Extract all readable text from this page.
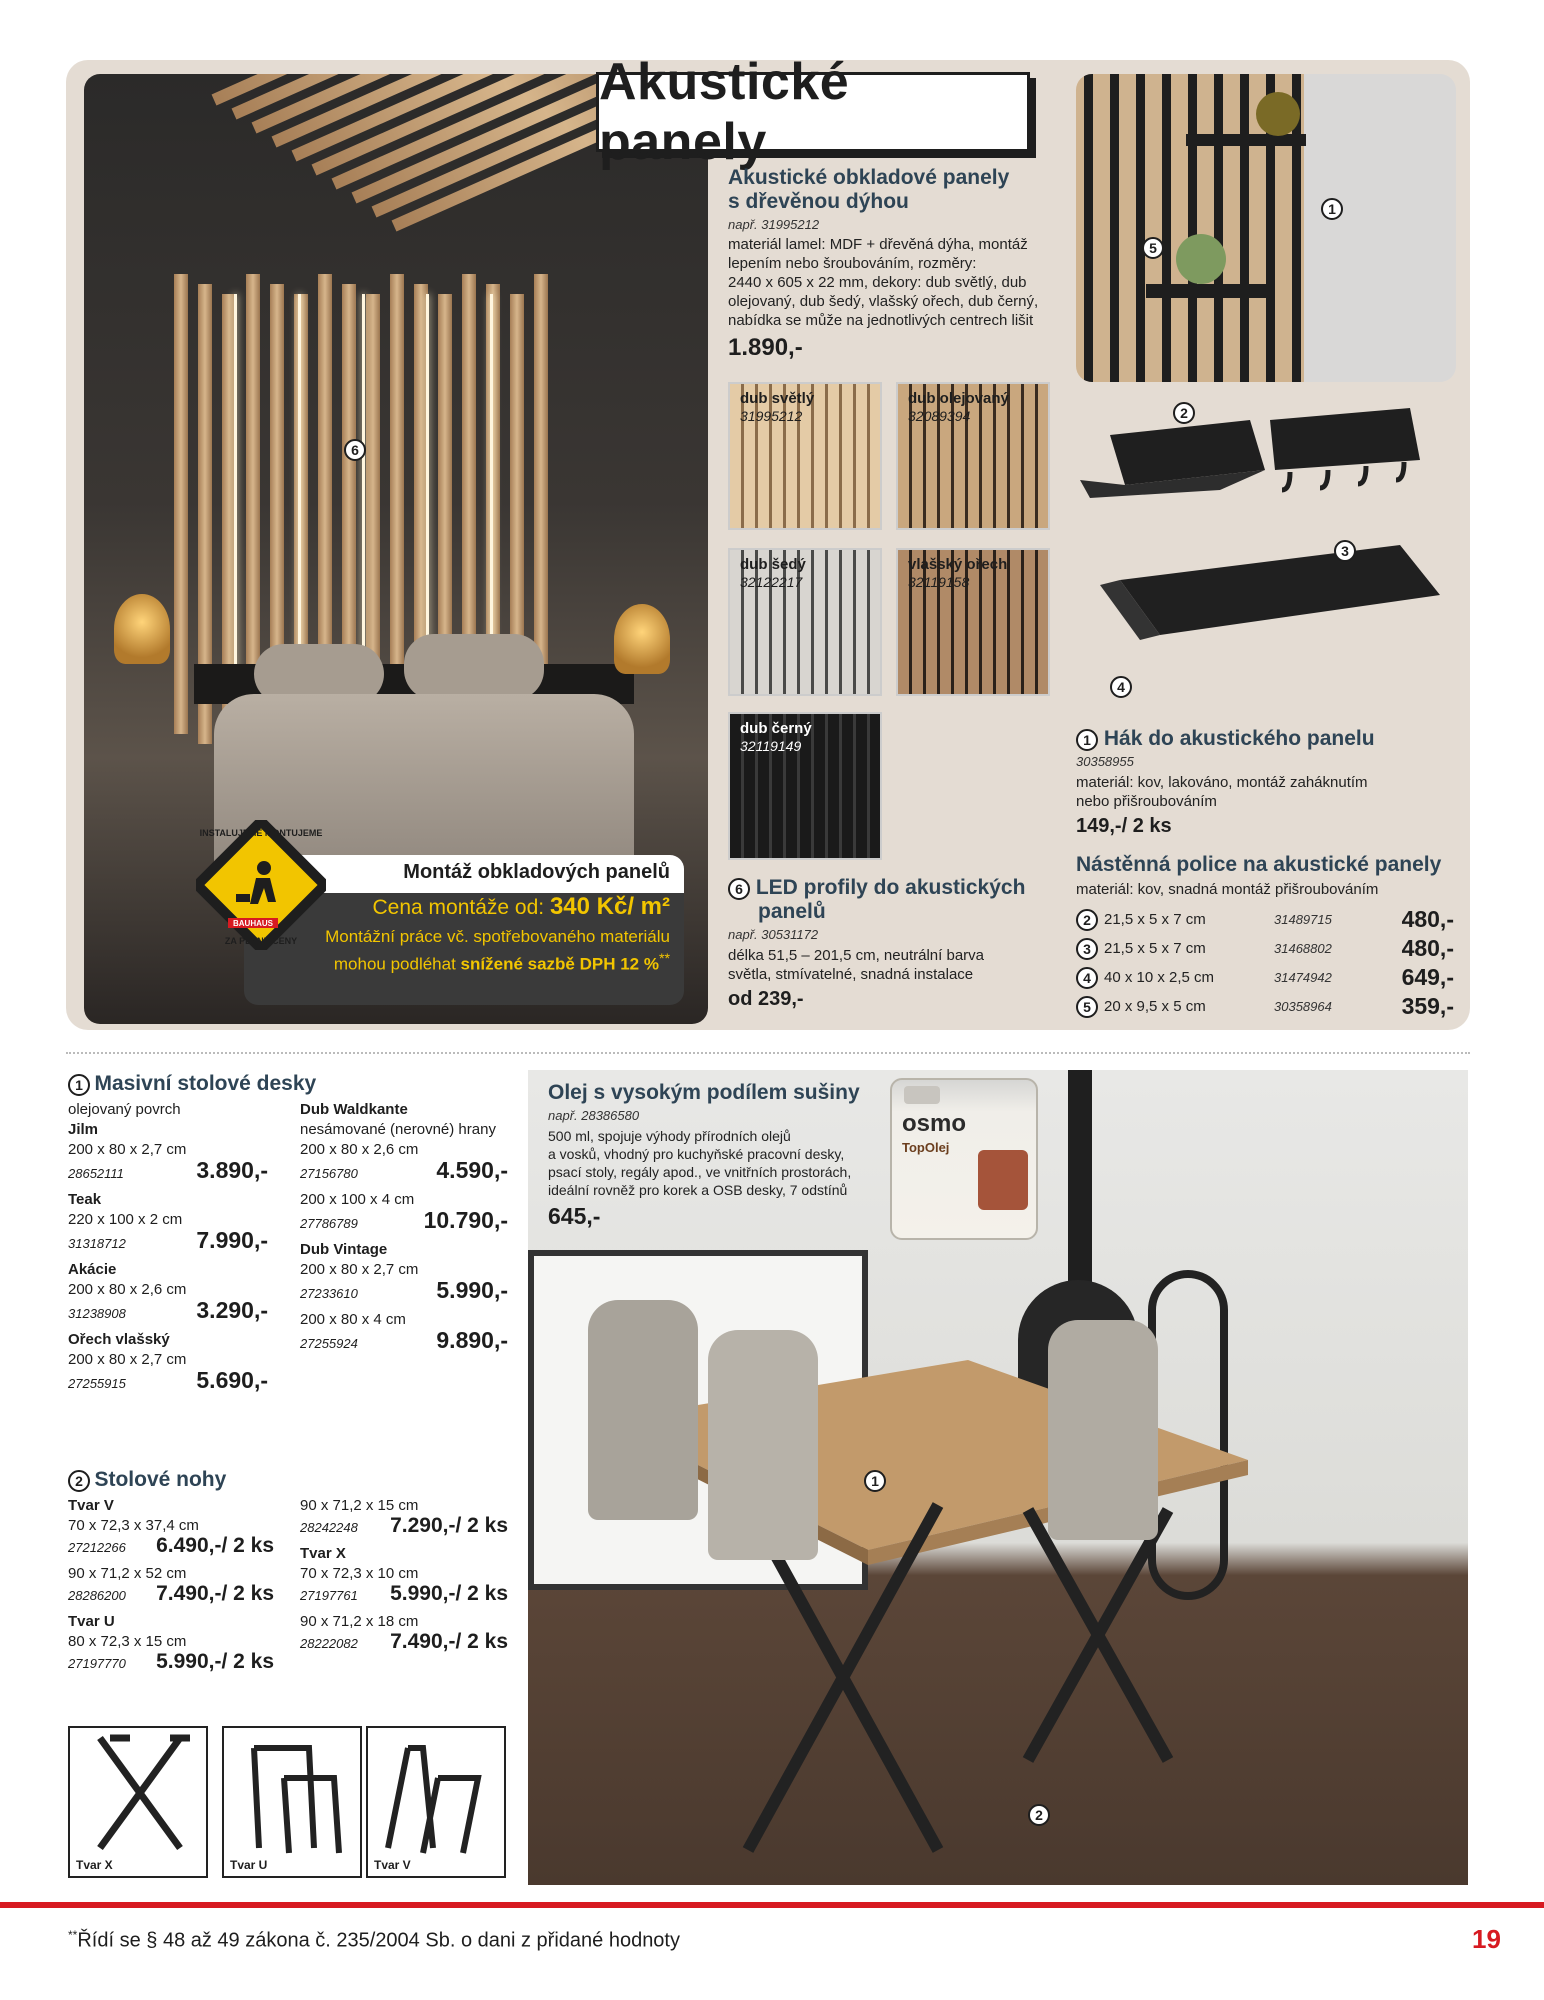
6
Akustické panely
Akustické obkladové panely
s dřevěnou dýhou
např. 31995212
materiál lamel: MDF + dřevěná dýha, montáž
lepením nebo šroubováním, rozměry:
2440 x 605 x 22 mm, dekory: dub světlý, dub
olejovaný, dub šedý, vlašský ořech, dub černý,
nabídka se může na jednotlivých centrech lišit
1.890,-
dub světlý
31995212
dub olejovaný
32089394
dub šedý
32122217
vlašský ořech
32119158
dub černý
32119149
6 LED profily do akustických
panelů
např. 30531172
délka 51,5 – 201,5 cm, neutrální barva
světla, stmívatelné, snadná instalace
od 239,-
1
5
2
3
4
1 Hák do akustického panelu
30358955
materiál: kov, lakováno, montáž zaháknutím
nebo přišroubováním
149,-/ 2 ks
Nástěnná police na akustické panely
materiál: kov, snadná montáž přišroubováním
2 21,5 x 5 x 7 cm	31489715	480,-
3 21,5 x 5 x 7 cm	31468802	480,-
4 40 x 10 x 2,5 cm	31474942	649,-
5 20 x 9,5 x 5 cm	30358964	359,-
Cena montáže od: 340 Kč/ m²
Montážní práce vč. spotřebovaného materiálu
mohou podléhat snížené sazbě DPH 12 %**
Montáž obkladových panelů
INSTALUJEME MONTUJEME
ZA PEVNÉ CENY
BAUHAUS
1 Masivní stolové desky
olejovaný povrch
Jilm
200 x 80 x 2,7 cm
28652111	3.890,-
Teak
220 x 100 x 2 cm
31318712	7.990,-
Akácie
200 x 80 x 2,6 cm
31238908	3.290,-
Ořech vlašský
200 x 80 x 2,7 cm
27255915	5.690,-
Dub Waldkante
nesámované (nerovné) hrany
200 x 80 x 2,6 cm
27156780	4.590,-
200 x 100 x 4 cm
27786789	10.790,-
Dub Vintage
200 x 80 x 2,7 cm
27233610	5.990,-
200 x 80 x 4 cm
27255924	9.890,-
2 Stolové nohy
Tvar V
70 x 72,3 x 37,4 cm
27212266 6.490,-/ 2 ks
90 x 71,2 x 52 cm
28286200 7.490,-/ 2 ks
Tvar U
80 x 72,3 x 15 cm
27197770 5.990,-/ 2 ks
90 x 71,2 x 15 cm
28242248 7.290,-/ 2 ks
Tvar X
70 x 72,3 x 10 cm
27197761 5.990,-/ 2 ks
90 x 71,2 x 18 cm
28222082 7.490,-/ 2 ks
Tvar X	Tvar U	Tvar V
1
2
Olej s vysokým podílem sušiny
např. 28386580
500 ml, spojuje výhody přírodních olejů
a vosků, vhodný pro kuchyňské pracovní desky,
psací stoly, regály apod., ve vnitřních prostorách,
ideální rovněž pro korek a OSB desky, 7 odstínů
645,-
osmo
TopOlej
**Řídí se § 48 až 49 zákona č. 235/2004 Sb. o dani z přidané hodnoty	19
